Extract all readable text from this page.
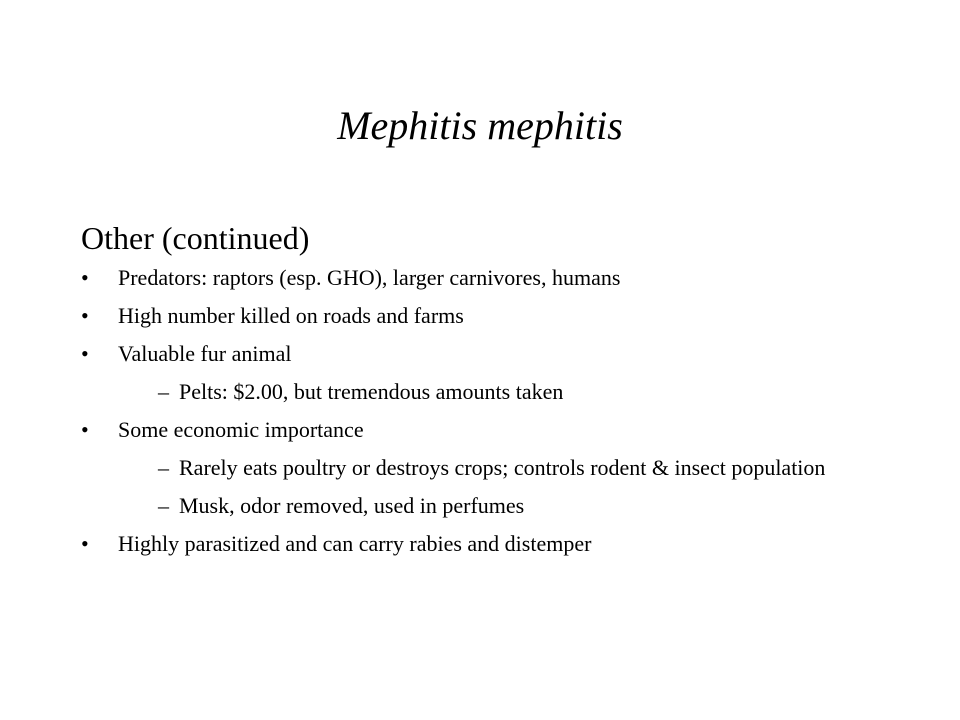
Mephitis mephitis
Other (continued)
•	Predators: raptors (esp. GHO), larger carnivores, humans
•	High number killed on roads and farms
•	Valuable fur animal
– Pelts: $2.00, but tremendous amounts taken
•	Some economic importance
– Rarely eats poultry or destroys crops; controls rodent & insect population
– Musk, odor removed, used in perfumes
•	Highly parasitized and can carry rabies and distemper
